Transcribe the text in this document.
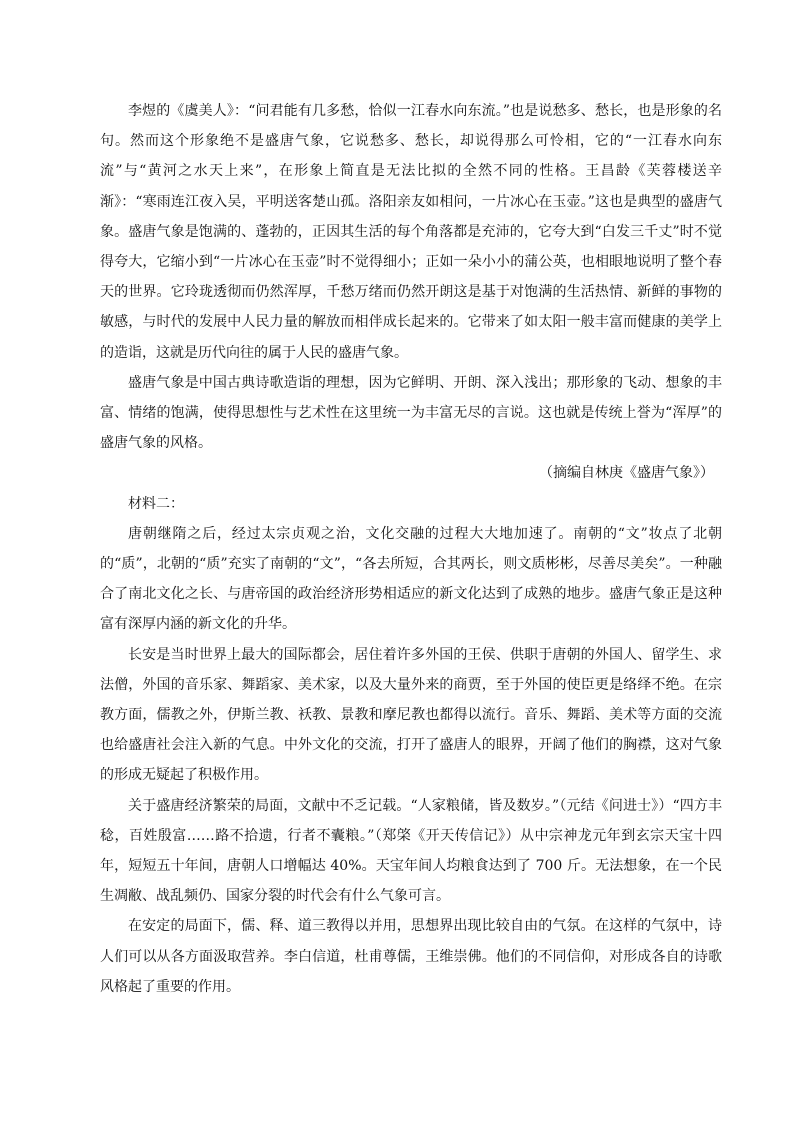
李煜的《虞美人》：“问君能有几多愁，恰似一江春水向东流。”也是说愁多、愁长，也是形象的名句。然而这个形象绝不是盛唐气象，它说愁多、愁长，却说得那么可怜相，它的“一江春水向东流”与“黄河之水天上来”，在形象上简直是无法比拟的全然不同的性格。王昌龄《芙蓉楼送辛渐》：“寒雨连江夜入吴，平明送客楚山孤。洛阳亲友如相问，一片冰心在玉壶。”这也是典型的盛唐气象。盛唐气象是饱满的、蓬勃的，正因其生活的每个角落都是充沛的，它夸大到“白发三千丈”时不觉得夸大，它缩小到“一片冰心在玉壶”时不觉得细小；正如一朵小小的蒲公英，也相眼地说明了整个春天的世界。它玲珑透彻而仍然浑厚，千愁万绪而仍然开朗这是基于对饱满的生活热情、新鲜的事物的敏感，与时代的发展中人民力量的解放而相伴成长起来的。它带来了如太阳一般丰富而健康的美学上的造诣，这就是历代向往的属于人民的盛唐气象。

盛唐气象是中国古典诗歌造诣的理想，因为它鲜明、开朗、深入浅出；那形象的飞动、想象的丰富、情绪的饱满，使得思想性与艺术性在这里统一为丰富无尽的言说。这也就是传统上誉为“浑厚”的盛唐气象的风格。

（摘编自林庚《盛唐气象》）

材料二：

唐朝继隋之后，经过太宗贞观之治，文化交融的过程大大地加速了。南朝的“文”妆点了北朝的“质”，北朝的“质”充实了南朝的“文”，“各去所短，合其两长，则文质彬彬，尽善尽美矣”。一种融合了南北文化之长、与唐帝国的政治经济形势相适应的新文化达到了成熟的地步。盛唐气象正是这种富有深厚内涵的新文化的升华。

长安是当时世界上最大的国际都会，居住着许多外国的王侯、供职于唐朝的外国人、留学生、求法僧，外国的音乐家、舞蹈家、美术家，以及大量外来的商贾，至于外国的使臣更是络绎不绝。在宗教方面，儒教之外，伊斯兰教、袄教、景教和摩尼教也都得以流行。音乐、舞蹈、美术等方面的交流也给盛唐社会注入新的气息。中外文化的交流，打开了盛唐人的眼界，开阔了他们的胸襟，这对气象的形成无疑起了积极作用。

关于盛唐经济繁荣的局面，文献中不乏记载。“人家粮储，皆及数岁。”（元结《问进士》）“四方丰稔，百姓殷富……路不拾遗，行者不囊粮。”（郑棨《开天传信记》）从中宗神龙元年到玄宗天宝十四年，短短五十年间，唐朝人口增幅达 40%。天宝年间人均粮食达到了 700 斤。无法想象，在一个民生凋敝、战乱频仍、国家分裂的时代会有什么气象可言。

在安定的局面下，儒、释、道三教得以并用，思想界出现比较自由的气氛。在这样的气氛中，诗人们可以从各方面汲取营养。李白信道，杜甫尊儒，王维崇佛。他们的不同信仰，对形成各自的诗歌风格起了重要的作用。
